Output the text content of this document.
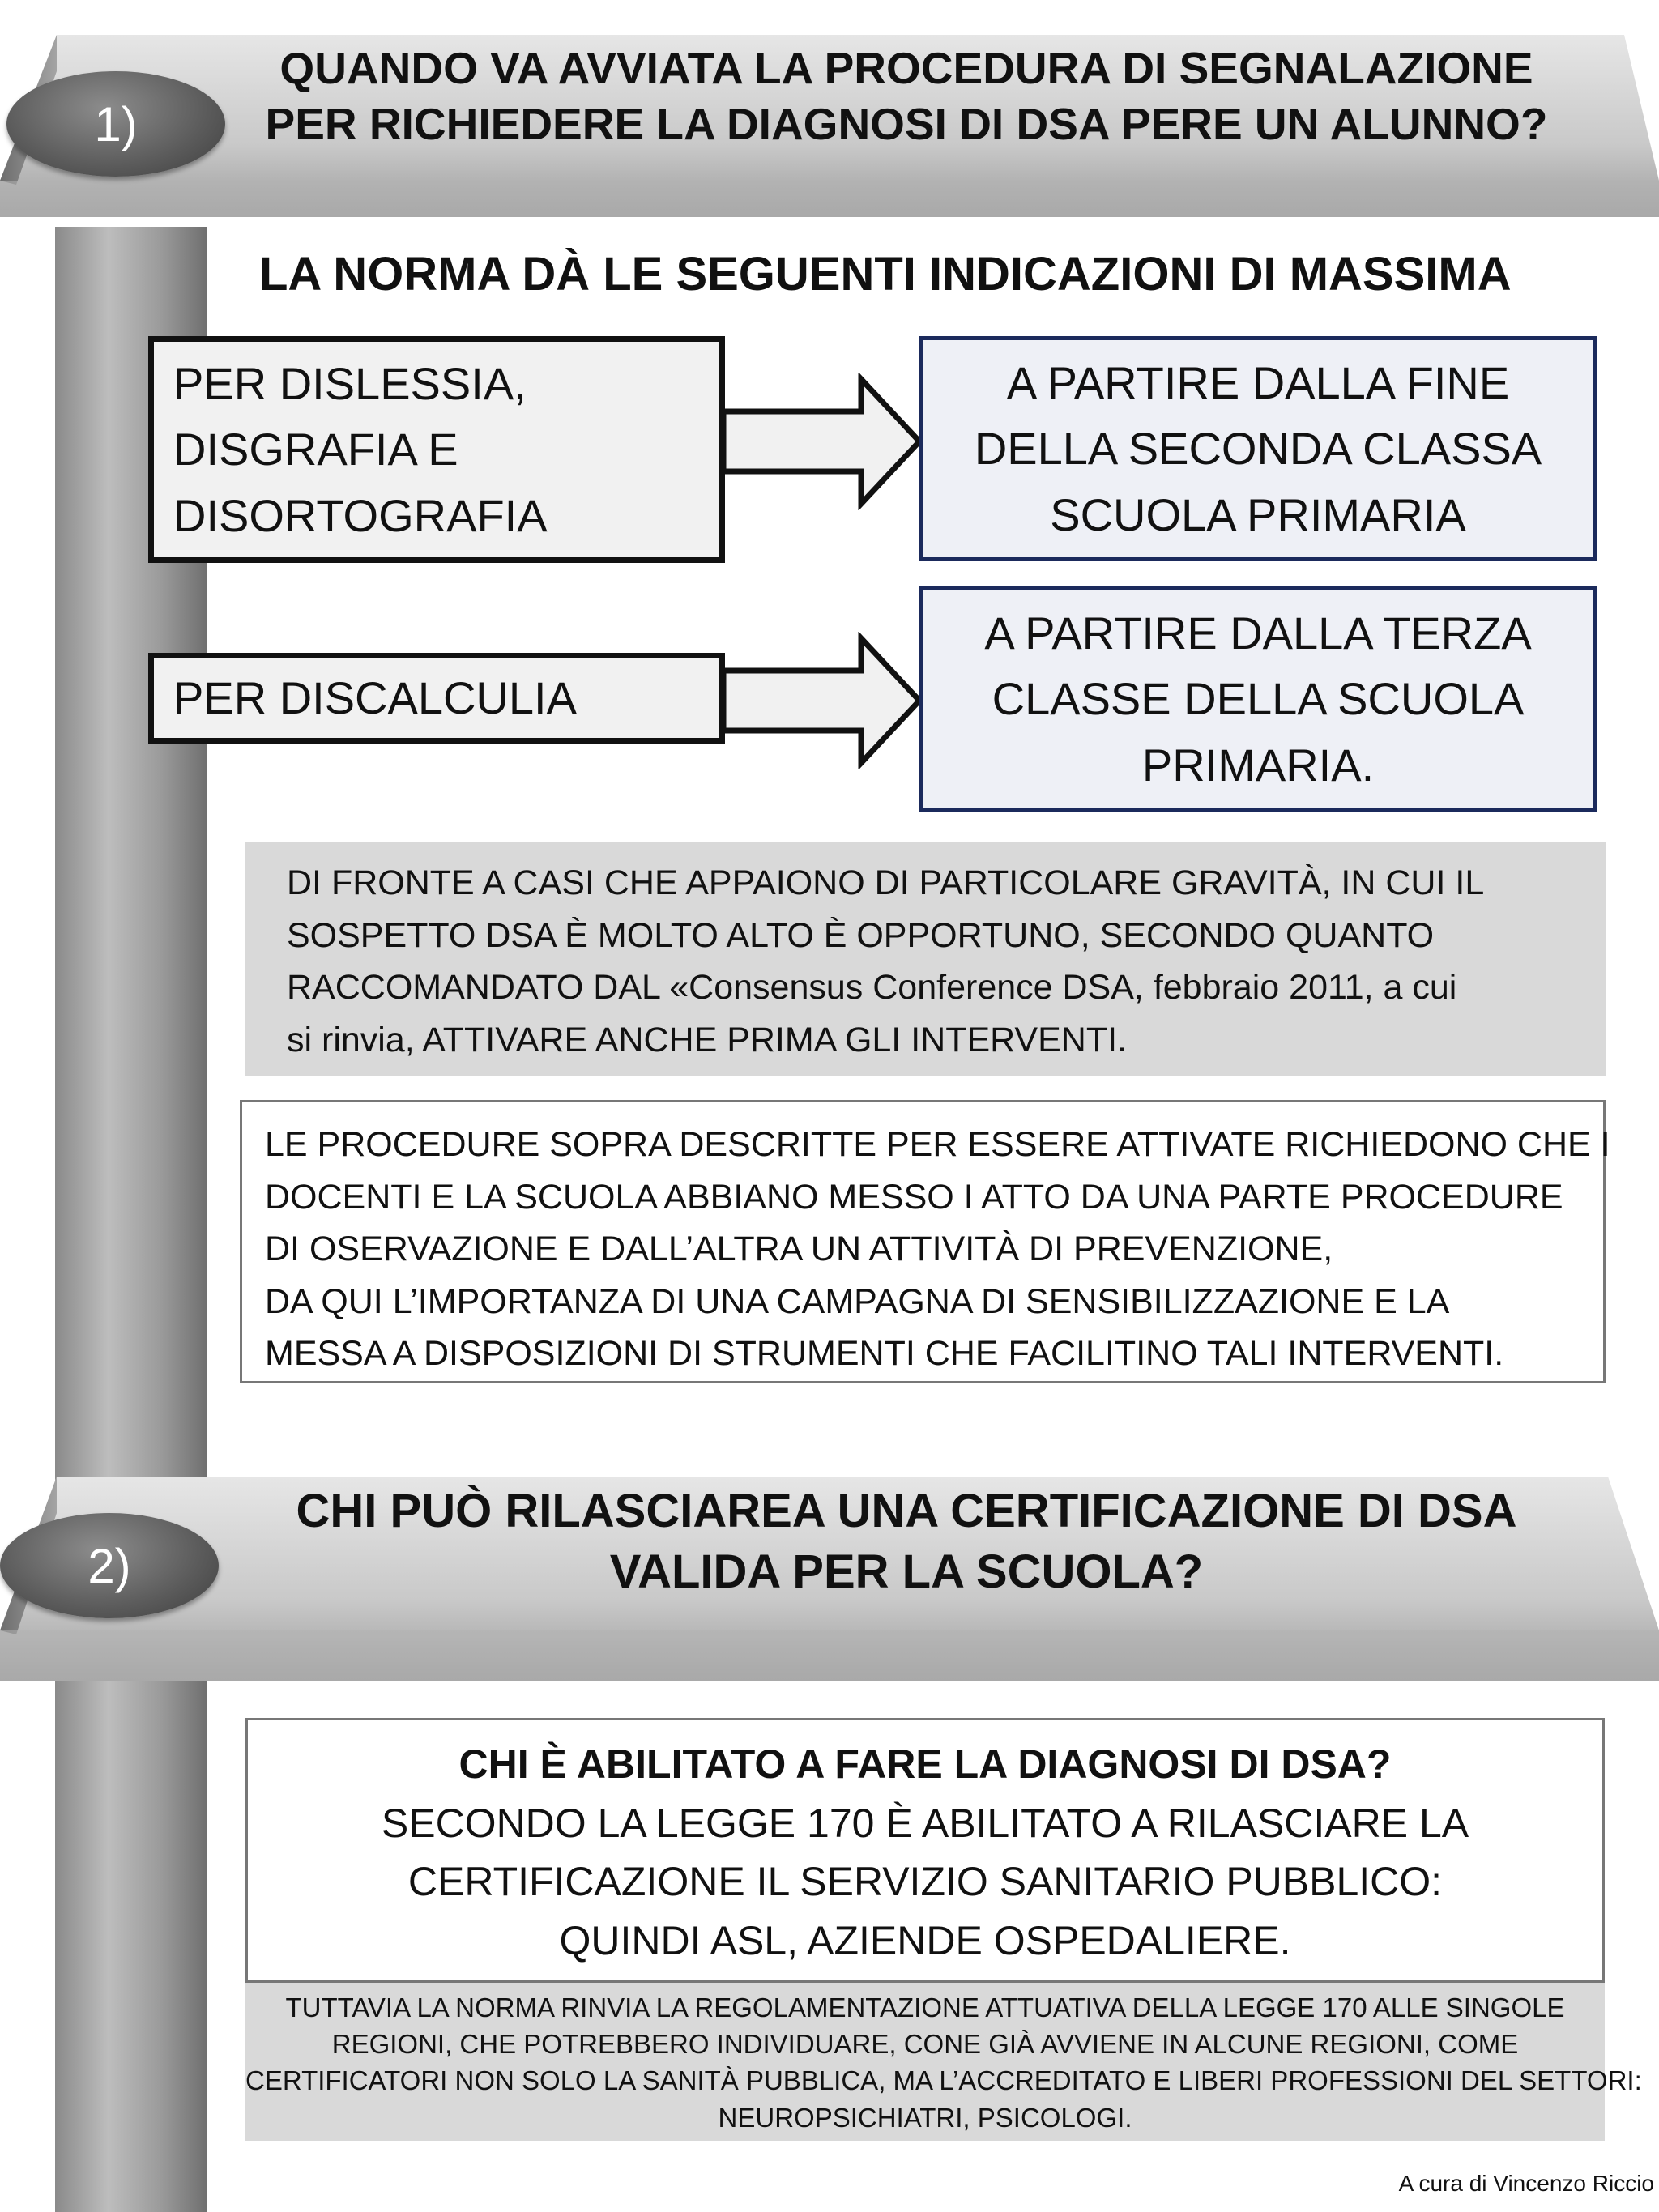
1)
QUANDO VA AVVIATA LA PROCEDURA DI SEGNALAZIONE
PER RICHIEDERE LA DIAGNOSI DI DSA PERE UN ALUNNO?
LA NORMA DÀ LE SEGUENTI INDICAZIONI DI MASSIMA
PER DISLESSIA,
DISGRAFIA E
DISORTOGRAFIA
A PARTIRE DALLA FINE
DELLA SECONDA CLASSA
SCUOLA PRIMARIA
PER DISCALCULIA
A PARTIRE DALLA TERZA
CLASSE DELLA SCUOLA
PRIMARIA.
DI FRONTE A CASI CHE APPAIONO DI PARTICOLARE GRAVITÀ, IN CUI IL
SOSPETTO DSA È MOLTO ALTO È OPPORTUNO, SECONDO QUANTO
RACCOMANDATO DAL «Consensus Conference DSA, febbraio 2011, a cui
si rinvia, ATTIVARE ANCHE PRIMA GLI INTERVENTI.
LE PROCEDURE SOPRA DESCRITTE PER ESSERE ATTIVATE RICHIEDONO CHE I
DOCENTI E LA SCUOLA ABBIANO MESSO I ATTO DA UNA PARTE PROCEDURE
DI OSERVAZIONE E DALL’ALTRA UN ATTIVITÀ DI PREVENZIONE,
DA QUI L’IMPORTANZA DI UNA CAMPAGNA DI SENSIBILIZZAZIONE E LA
MESSA A DISPOSIZIONI DI STRUMENTI CHE FACILITINO TALI INTERVENTI.
2)
CHI PUÒ RILASCIAREA UNA CERTIFICAZIONE DI DSA
VALIDA PER LA SCUOLA?
CHI È ABILITATO A FARE LA DIAGNOSI DI DSA?
SECONDO LA LEGGE 170 È ABILITATO A RILASCIARE LA
CERTIFICAZIONE IL SERVIZIO SANITARIO PUBBLICO:
QUINDI ASL, AZIENDE OSPEDALIERE.
TUTTAVIA LA NORMA RINVIA LA REGOLAMENTAZIONE ATTUATIVA DELLA LEGGE 170 ALLE SINGOLE
REGIONI, CHE POTREBBERO INDIVIDUARE, CONE GIÀ AVVIENE IN ALCUNE REGIONI, COME
CERTIFICATORI NON SOLO LA SANITÀ PUBBLICA, MA L’ACCREDITATO E LIBERI PROFESSIONI DEL SETTORI:
NEUROPSICHIATRI, PSICOLOGI.
A cura di Vincenzo Riccio
